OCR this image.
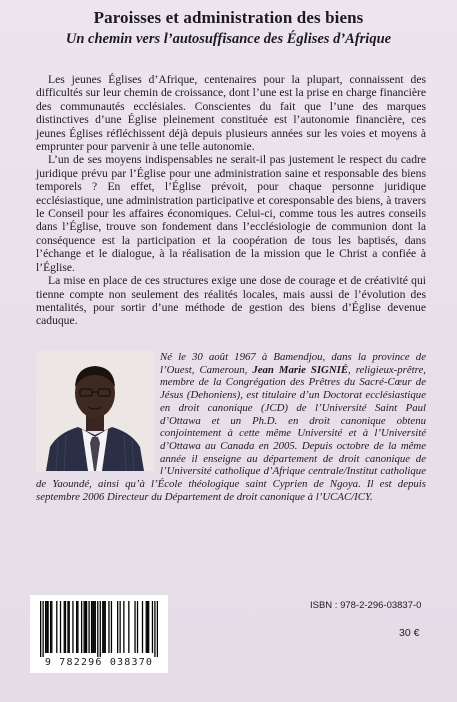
Paroisses et administration des biens
Un chemin vers l’autosuffisance des Églises d’Afrique

Les jeunes Églises d’Afrique, centenaires pour la plupart, connaissent des difficultés sur leur chemin de croissance, dont l’une est la prise en charge financière des communautés ecclésiales. Conscientes du fait que l’une des marques distinctives d’une Église pleinement constituée est l’autonomie financière, ces jeunes Églises réfléchissent déjà depuis plusieurs années sur les voies et moyens à emprunter pour parvenir à une telle autonomie.

L’un de ses moyens indispensables ne serait-il pas justement le respect du cadre juridique prévu par l’Église pour une administration saine et responsable des biens temporels ? En effet, l’Église prévoit, pour chaque personne juridique ecclésiastique, une administration participative et coresponsable des biens, à travers le Conseil pour les affaires économiques. Celui-ci, comme tous les autres conseils dans l’Église, trouve son fondement dans l’ecclésiologie de communion dont la conséquence est la participation et la coopération de tous les baptisés, dans l’échange et le dialogue, à la réalisation de la mission que le Christ a confiée à l’Église.

La mise en place de ces structures exige une dose de courage et de créativité qui tienne compte non seulement des réalités locales, mais aussi de l’évolution des mentalités, pour sortir d’une méthode de gestion des biens d’Église devenue caduque.

Né le 30 août 1967 à Bamendjou, dans la province de l’Ouest, Cameroun, Jean Marie SIGNIÉ, religieux-prêtre, membre de la Congrégation des Prêtres du Sacré-Cœur de Jésus (Dehoniens), est titulaire d’un Doctorat ecclésiastique en droit canonique (JCD) de l’Université Saint Paul d’Ottawa et un Ph.D. en droit canonique obtenu conjointement à cette même Université et à l’Université d’Ottawa au Canada en 2005. Depuis octobre de la même année il enseigne au département de droit canonique de l’Université catholique d’Afrique centrale/Institut catholique de Yaoundé, ainsi qu’à l’École théologique saint Cyprien de Ngoya. Il est depuis septembre 2006 Directeur du Département de droit canonique à l’UCAC/ICY.
9 782296 038370
ISBN : 978-2-296-03837-0
30 €
